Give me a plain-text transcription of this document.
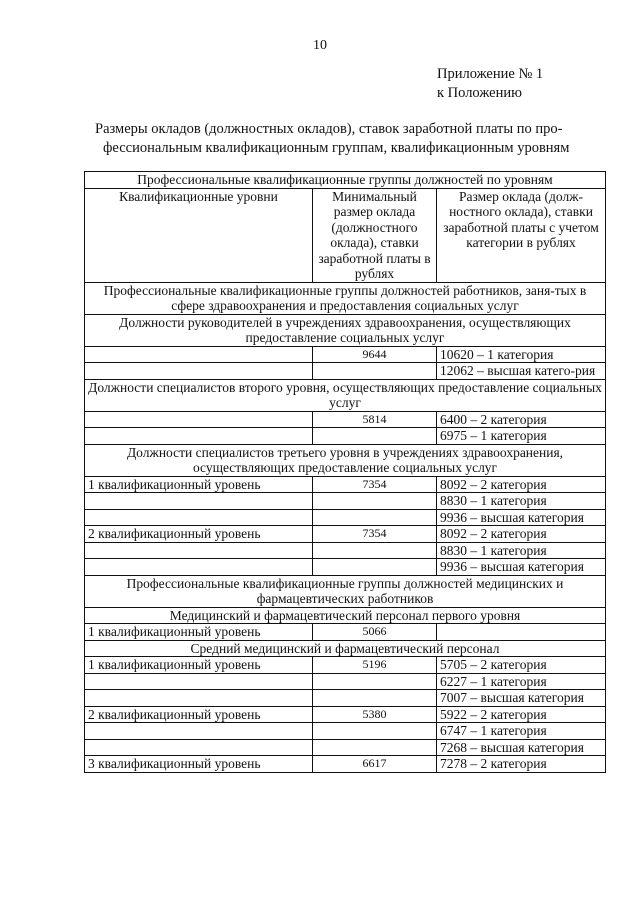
10
Приложение № 1
к Положению
Размеры окладов (должностных окладов), ставок заработной платы по про-
фессиональным квалификационным группам, квалификационным уровням
Профессиональные квалификационные группы должностей по уровням		
Квалификационные уровни	Минимальный размер оклада (должностного оклада), ставки заработной платы в рублях	Размер оклада (долж-ностного оклада), ставки заработной платы с учетом категории в рублях
Профессиональные квалификационные группы должностей работников, заня-тых в сфере здравоохранения и предоставления социальных услуг		
Должности руководителей в учреждениях здравоохранения, осуществляющих предоставление социальных услуг		
	9644	10620 – 1 категория
		12062 – высшая катего-рия
Должности специалистов второго уровня, осуществляющих предоставление социальных услуг		
	5814	6400 – 2 категория
		6975 – 1 категория
Должности специалистов третьего уровня в учреждениях здравоохранения, осуществляющих предоставление социальных услуг		
1 квалификационный уровень	7354	8092 – 2 категория
		8830 – 1 категория
		9936 – высшая категория
2 квалификационный уровень	7354	8092 – 2 категория
		8830 – 1 категория
		9936 – высшая категория
Профессиональные квалификационные группы должностей медицинских и фармацевтических работников		
Медицинский и фармацевтический персонал первого уровня		
1 квалификационный уровень	5066	
Средний медицинский и фармацевтический персонал		
1 квалификационный уровень	5196	5705 – 2 категория
		6227 – 1 категория
		7007 – высшая категория
2 квалификационный уровень	5380	5922 – 2 категория
		6747 – 1 категория
		7268 – высшая категория
3 квалификационный уровень	6617	7278 – 2 категория
